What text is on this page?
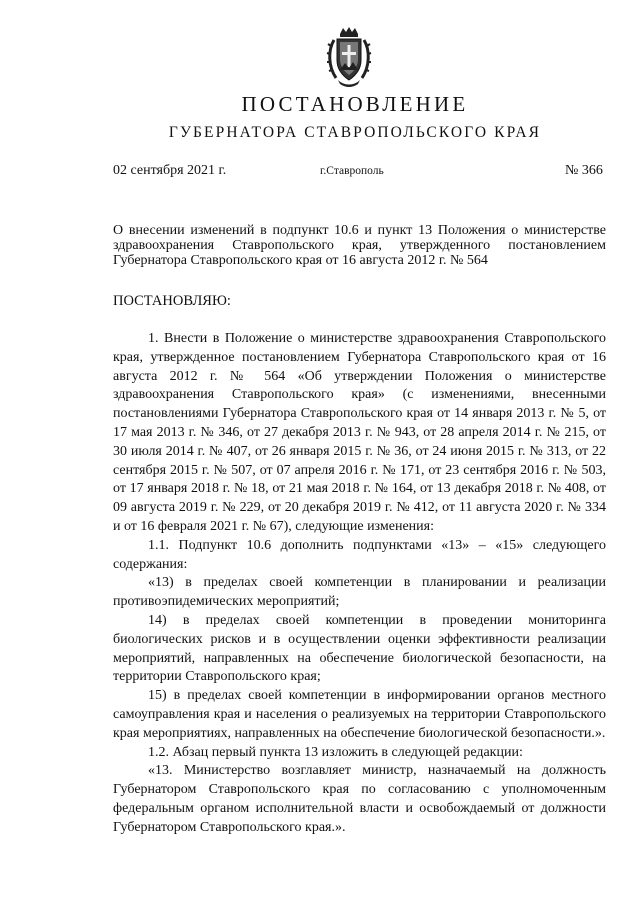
ПОСТАНОВЛЕНИЕ
ГУБЕРНАТОРА СТАВРОПОЛЬСКОГО КРАЯ
02 сентября 2021 г.	г.Ставрополь	№ 366
О внесении изменений в подпункт 10.6 и пункт 13 Положения о министерстве здравоохранения Ставропольского края, утвержденного постановлением Губернатора Ставропольского края от 16 августа 2012 г. № 564
ПОСТАНОВЛЯЮ:

1. Внести в Положение о министерстве здравоохранения Ставропольского края, утвержденное постановлением Губернатора Ставропольского края от 16 августа 2012 г. № 564 «Об утверждении Положения о министерстве здравоохранения Ставропольского края» (с изменениями, внесенными постановлениями Губернатора Ставропольского края от 14 января 2013 г. № 5, от 17 мая 2013 г. № 346, от 27 декабря 2013 г. № 943, от 28 апреля 2014 г. № 215, от 30 июля 2014 г. № 407, от 26 января 2015 г. № 36, от 24 июня 2015 г. № 313, от 22 сентября 2015 г. № 507, от 07 апреля 2016 г. № 171, от 23 сентября 2016 г. № 503, от 17 января 2018 г. № 18, от 21 мая 2018 г. № 164, от 13 декабря 2018 г. № 408, от 09 августа 2019 г. № 229, от 20 декабря 2019 г. № 412, от 11 августа 2020 г. № 334 и от 16 февраля 2021 г. № 67), следующие изменения:

1.1. Подпункт 10.6 дополнить подпунктами «13» – «15» следующего содержания:

«13) в пределах своей компетенции в планировании и реализации противоэпидемических мероприятий;

14) в пределах своей компетенции в проведении мониторинга биологических рисков и в осуществлении оценки эффективности реализации мероприятий, направленных на обеспечение биологической безопасности, на территории Ставропольского края;

15) в пределах своей компетенции в информировании органов местного самоуправления края и населения о реализуемых на территории Ставропольского края мероприятиях, направленных на обеспечение биологической безопасности.».

1.2. Абзац первый пункта 13 изложить в следующей редакции:

«13. Министерство возглавляет министр, назначаемый на должность Губернатором Ставропольского края по согласованию с уполномоченным федеральным органом исполнительной власти и освобождаемый от должности Губернатором Ставропольского края.».
